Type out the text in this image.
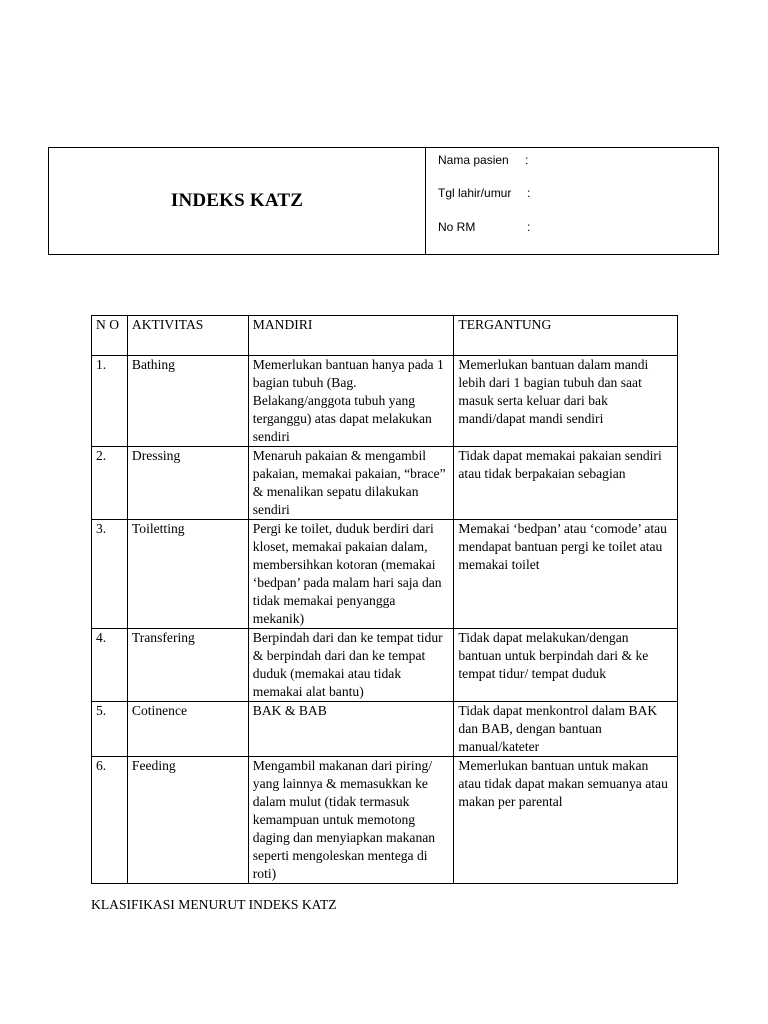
INDEKS KATZ
Nama pasien :
Tgl lahir/umur :
No RM	:
N O	AKTIVITAS	MANDIRI	TERGANTUNG
1.	Bathing	Memerlukan bantuan hanya pada 1 bagian tubuh (Bag. Belakang/anggota tubuh yang terganggu) atas dapat melakukan sendiri	Memerlukan bantuan dalam mandi lebih dari 1 bagian tubuh dan saat masuk serta keluar dari bak mandi/dapat mandi sendiri
2.	Dressing	Menaruh pakaian & mengambil pakaian, memakai pakaian, “brace” & menalikan sepatu dilakukan sendiri	Tidak dapat memakai pakaian sendiri atau tidak berpakaian sebagian
3.	Toiletting	Pergi ke toilet, duduk berdiri dari kloset, memakai pakaian dalam, membersihkan kotoran (memakai ‘bedpan’ pada malam hari saja dan tidak memakai penyangga mekanik)	Memakai ‘bedpan’ atau ‘comode’ atau mendapat bantuan pergi ke toilet atau memakai toilet
4.	Transfering	Berpindah dari dan ke tempat tidur & berpindah dari dan ke tempat duduk (memakai atau tidak memakai alat bantu)	Tidak dapat melakukan/dengan bantuan untuk berpindah dari & ke tempat tidur/ tempat duduk
5.	Cotinence	BAK & BAB	Tidak dapat menkontrol dalam BAK dan BAB, dengan bantuan manual/kateter
6.	Feeding	Mengambil makanan dari piring/ yang lainnya & memasukkan ke dalam mulut (tidak termasuk kemampuan untuk memotong daging dan menyiapkan makanan seperti mengoleskan mentega di roti)	Memerlukan bantuan untuk makan atau tidak dapat makan semuanya atau makan per parental
KLASIFIKASI MENURUT INDEKS KATZ
